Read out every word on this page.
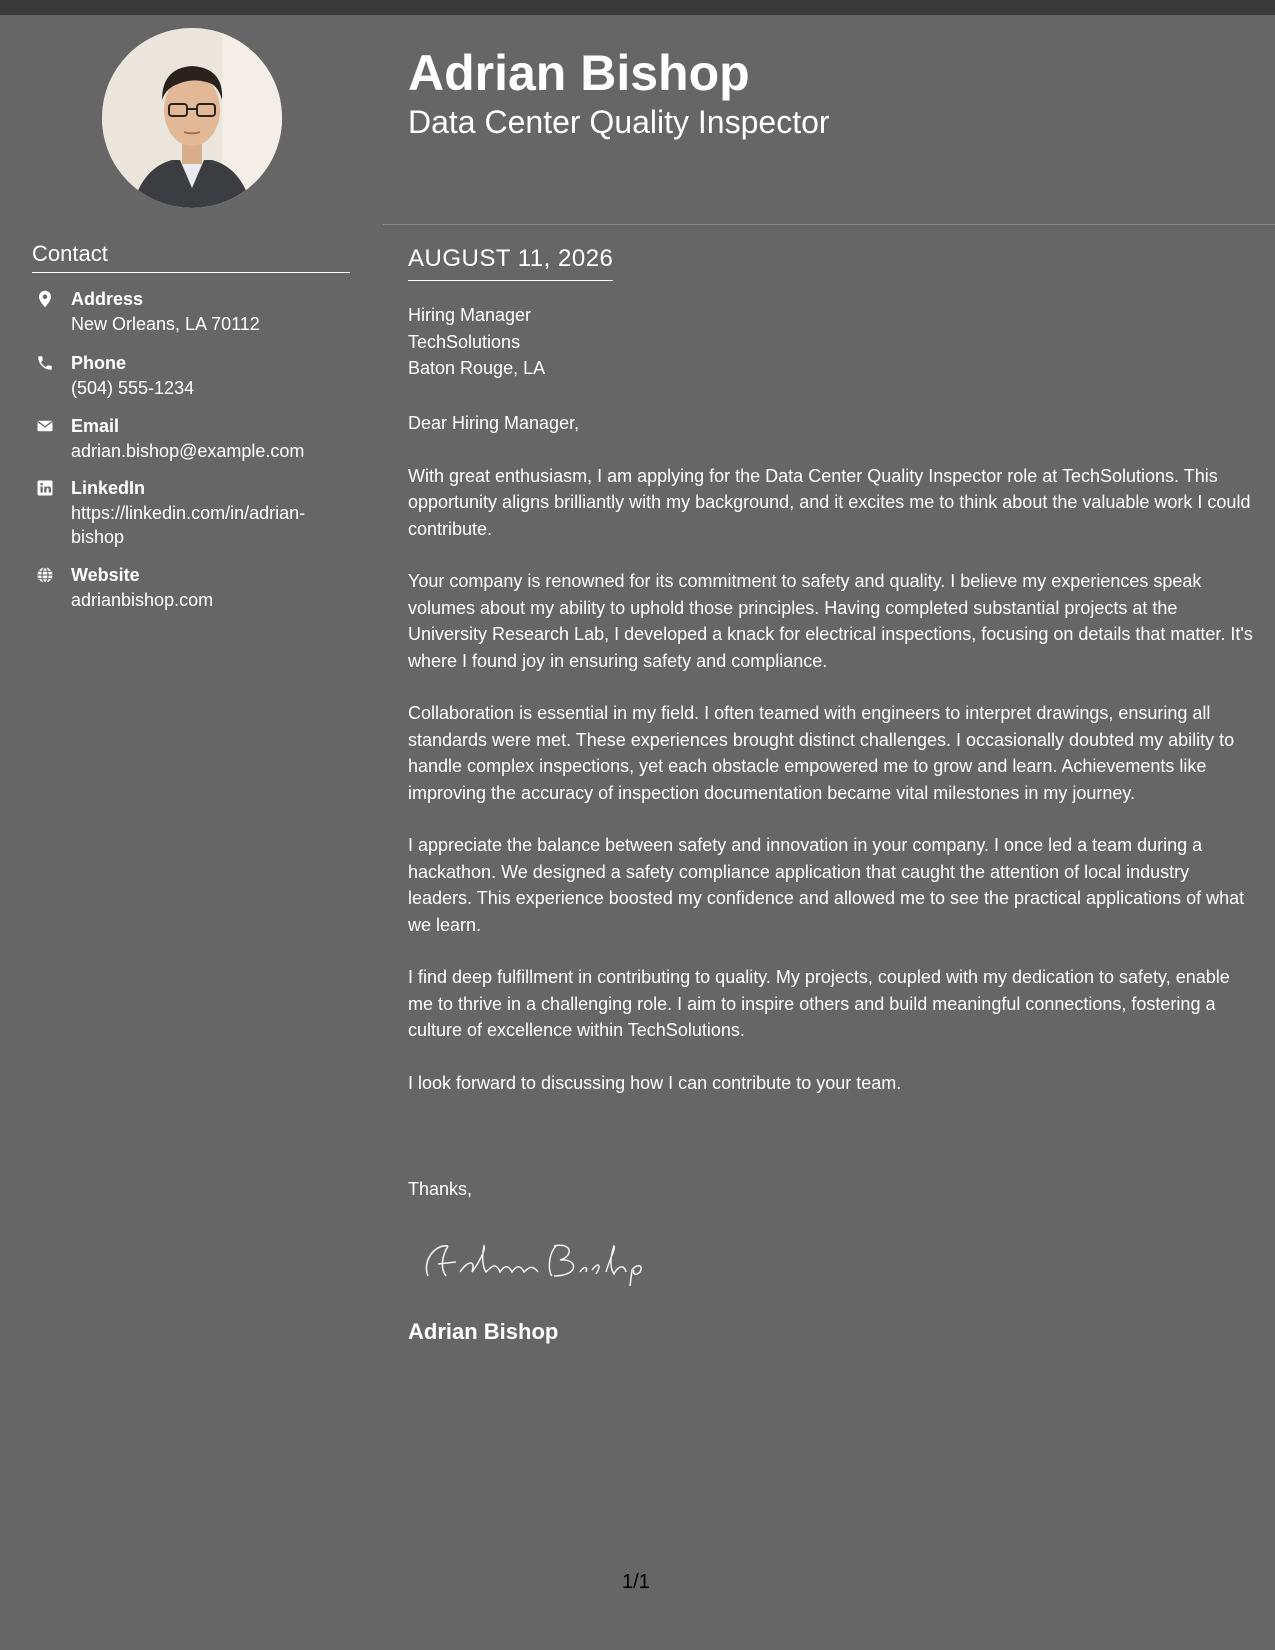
Adrian Bishop
Data Center Quality Inspector
Contact
Address
New Orleans, LA 70112
Phone
(504) 555-1234
Email
adrian.bishop@example.com
LinkedIn
https://linkedin.com/in/adrian-bishop
Website
adrianbishop.com
AUGUST 11, 2026
Hiring Manager
TechSolutions
Baton Rouge, LA

Dear Hiring Manager,

With great enthusiasm, I am applying for the Data Center Quality Inspector role at TechSolutions. This opportunity aligns brilliantly with my background, and it excites me to think about the valuable work I could contribute.

Your company is renowned for its commitment to safety and quality. I believe my experiences speak volumes about my ability to uphold those principles. Having completed substantial projects at the University Research Lab, I developed a knack for electrical inspections, focusing on details that matter. It's where I found joy in ensuring safety and compliance.

Collaboration is essential in my field. I often teamed with engineers to interpret drawings, ensuring all standards were met. These experiences brought distinct challenges. I occasionally doubted my ability to handle complex inspections, yet each obstacle empowered me to grow and learn. Achievements like improving the accuracy of inspection documentation became vital milestones in my journey.

I appreciate the balance between safety and innovation in your company. I once led a team during a hackathon. We designed a safety compliance application that caught the attention of local industry leaders. This experience boosted my confidence and allowed me to see the practical applications of what we learn.

I find deep fulfillment in contributing to quality. My projects, coupled with my dedication to safety, enable me to thrive in a challenging role. I aim to inspire others and build meaningful connections, fostering a culture of excellence within TechSolutions.

I look forward to discussing how I can contribute to your team.

Thanks,
Adrian Bishop
1/1
